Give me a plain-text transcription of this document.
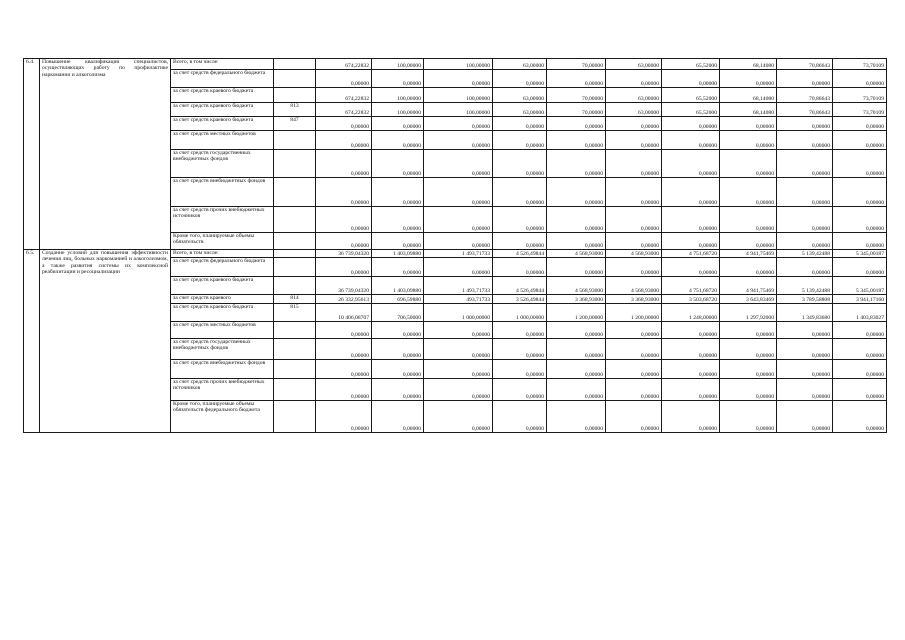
6.4.	Повышение квалификации специалистов, осуществляющих работу по профилактике наркомании и алкоголизма	Всего, в том числе:		674,22832	100,00000	100,00000	63,00000	70,00000	63,00000	65,52000	68,14080	70,86643	73,70109
		за счет средств федерального бюджета		0,00000	0,00000	0,00000	0,00000	0,00000	0,00000	0,00000	0,00000	0,00000	0,00000
		за счет средств краевого бюджета		674,22832	100,00000	100,00000	63,00000	70,00000	63,00000	65,52000	68,14080	70,86643	73,70109
		за счет средств краевого бюджета	813	674,22832	100,00000	100,00000	63,00000	70,00000	63,00000	65,52000	68,14080	70,86643	73,70109
		за счет средств краевого бюджета	847	0,00000	0,00000	0,00000	0,00000	0,00000	0,00000	0,00000	0,00000	0,00000	0,00000
		за счет средств местных бюджетов		0,00000	0,00000	0,00000	0,00000	0,00000	0,00000	0,00000	0,00000	0,00000	0,00000
		за счет средств государственных внебюджетных фондов		0,00000	0,00000	0,00000	0,00000	0,00000	0,00000	0,00000	0,00000	0,00000	0,00000
		за счет средств внебюджетных фондов		0,00000	0,00000	0,00000	0,00000	0,00000	0,00000	0,00000	0,00000	0,00000	0,00000
		за счет средств прочих внебюджетных источников		0,00000	0,00000	0,00000	0,00000	0,00000	0,00000	0,00000	0,00000	0,00000	0,00000
		Кроме того, планируемые объемы обязательств		0,00000	0,00000	0,00000	0,00000	0,00000	0,00000	0,00000	0,00000	0,00000	0,00000
6.5.	Создание условий для повышения эффективности лечения лиц, больных наркоманией и алкоголизмом, а также развития системы их комплексной реабилитации и ресоциализации	Всего, в том числе:		36 739,04320	1 403,09880	1 493,71733	4 526,49844	4 568,93000	4 568,93000	4 751,68720	4 941,75469	5 139,42488	5 345,00187
		за счет средств федерального бюджета		0,00000	0,00000	0,00000	0,00000	0,00000	0,00000	0,00000	0,00000	0,00000	0,00000
		за счет средств краевого бюджета		36 739,04320	1 403,09880	1 493,71733	4 526,49844	4 568,93000	4 568,93000	4 751,68720	4 941,75469	5 139,42488	5 345,00187
		за счет средств краевого	814	26 332,95613	696,59880	493,71733	3 526,49844	3 368,93000	3 368,93000	3 503,68720	3 643,83469	3 789,58808	3 941,17160
		за счет средств краевого бюджета	815	10 406,08707	706,50000	1 000,00000	1 000,00000	1 200,00000	1 200,00000	1 248,00000	1 297,92000	1 349,83680	1 403,83027
		за счет средств местных бюджетов		0,00000	0,00000	0,00000	0,00000	0,00000	0,00000	0,00000	0,00000	0,00000	0,00000
		за счет средств государственных внебюджетных фондов		0,00000	0,00000	0,00000	0,00000	0,00000	0,00000	0,00000	0,00000	0,00000	0,00000
		за счет средств внебюджетных фондов		0,00000	0,00000	0,00000	0,00000	0,00000	0,00000	0,00000	0,00000	0,00000	0,00000
		за счет средств прочих внебюджетных источников		0,00000	0,00000	0,00000	0,00000	0,00000	0,00000	0,00000	0,00000	0,00000	0,00000
		Кроме того, планируемые объемы обязательств федерального бюджета		0,00000	0,00000	0,00000	0,00000	0,00000	0,00000	0,00000	0,00000	0,00000	0,00000
